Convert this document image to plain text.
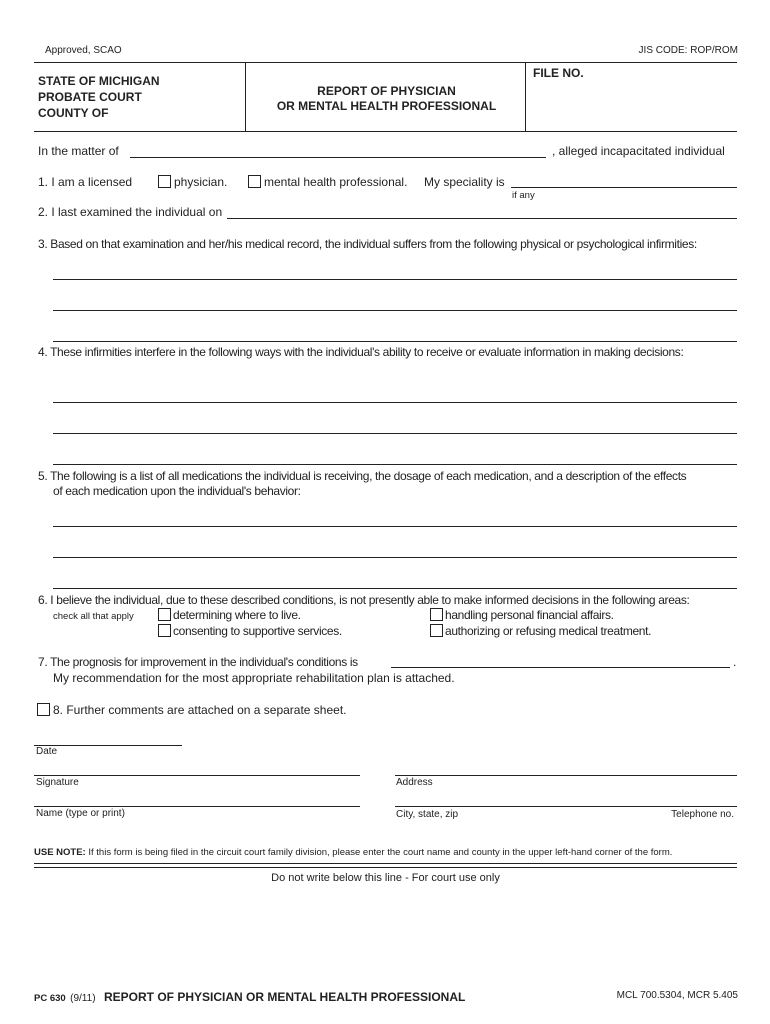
Approved, SCAO	JIS CODE: ROP/ROM
STATE OF MICHIGAN
PROBATE COURT
COUNTY OF
REPORT OF PHYSICIAN
OR MENTAL HEALTH PROFESSIONAL
FILE NO.
In the matter of	, alleged incapacitated individual
1. I am a licensed	physician.	mental health professional. My speciality is
if any
2. I last examined the individual on
3. Based on that examination and her/his medical record, the individual suffers from the following physical or psychological infirmities:
4. These infirmities interfere in the following ways with the individual's ability to receive or evaluate information in making decisions:
5. The following is a list of all medications the individual is receiving, the dosage of each medication, and a description of the effects
of each medication upon the individual's behavior:
6. I believe the individual, due to these described conditions, is not presently able to make informed decisions in the following areas:
check all that apply	determining where to live.	handling personal financial affairs.
consenting to supportive services.	authorizing or refusing medical treatment.
7. The prognosis for improvement in the individual's conditions is	.
My recommendation for the most appropriate rehabilitation plan is attached.
8. Further comments are attached on a separate sheet.
Date
Signature	Address
Name (type or print)	City, state, zip	Telephone no.
USE NOTE: If this form is being filed in the circuit court family division, please enter the court name and county in the upper left-hand corner of the form.
Do not write below this line - For court use only
PC 630 (9/11) REPORT OF PHYSICIAN OR MENTAL HEALTH PROFESSIONAL	MCL 700.5304, MCR 5.405
